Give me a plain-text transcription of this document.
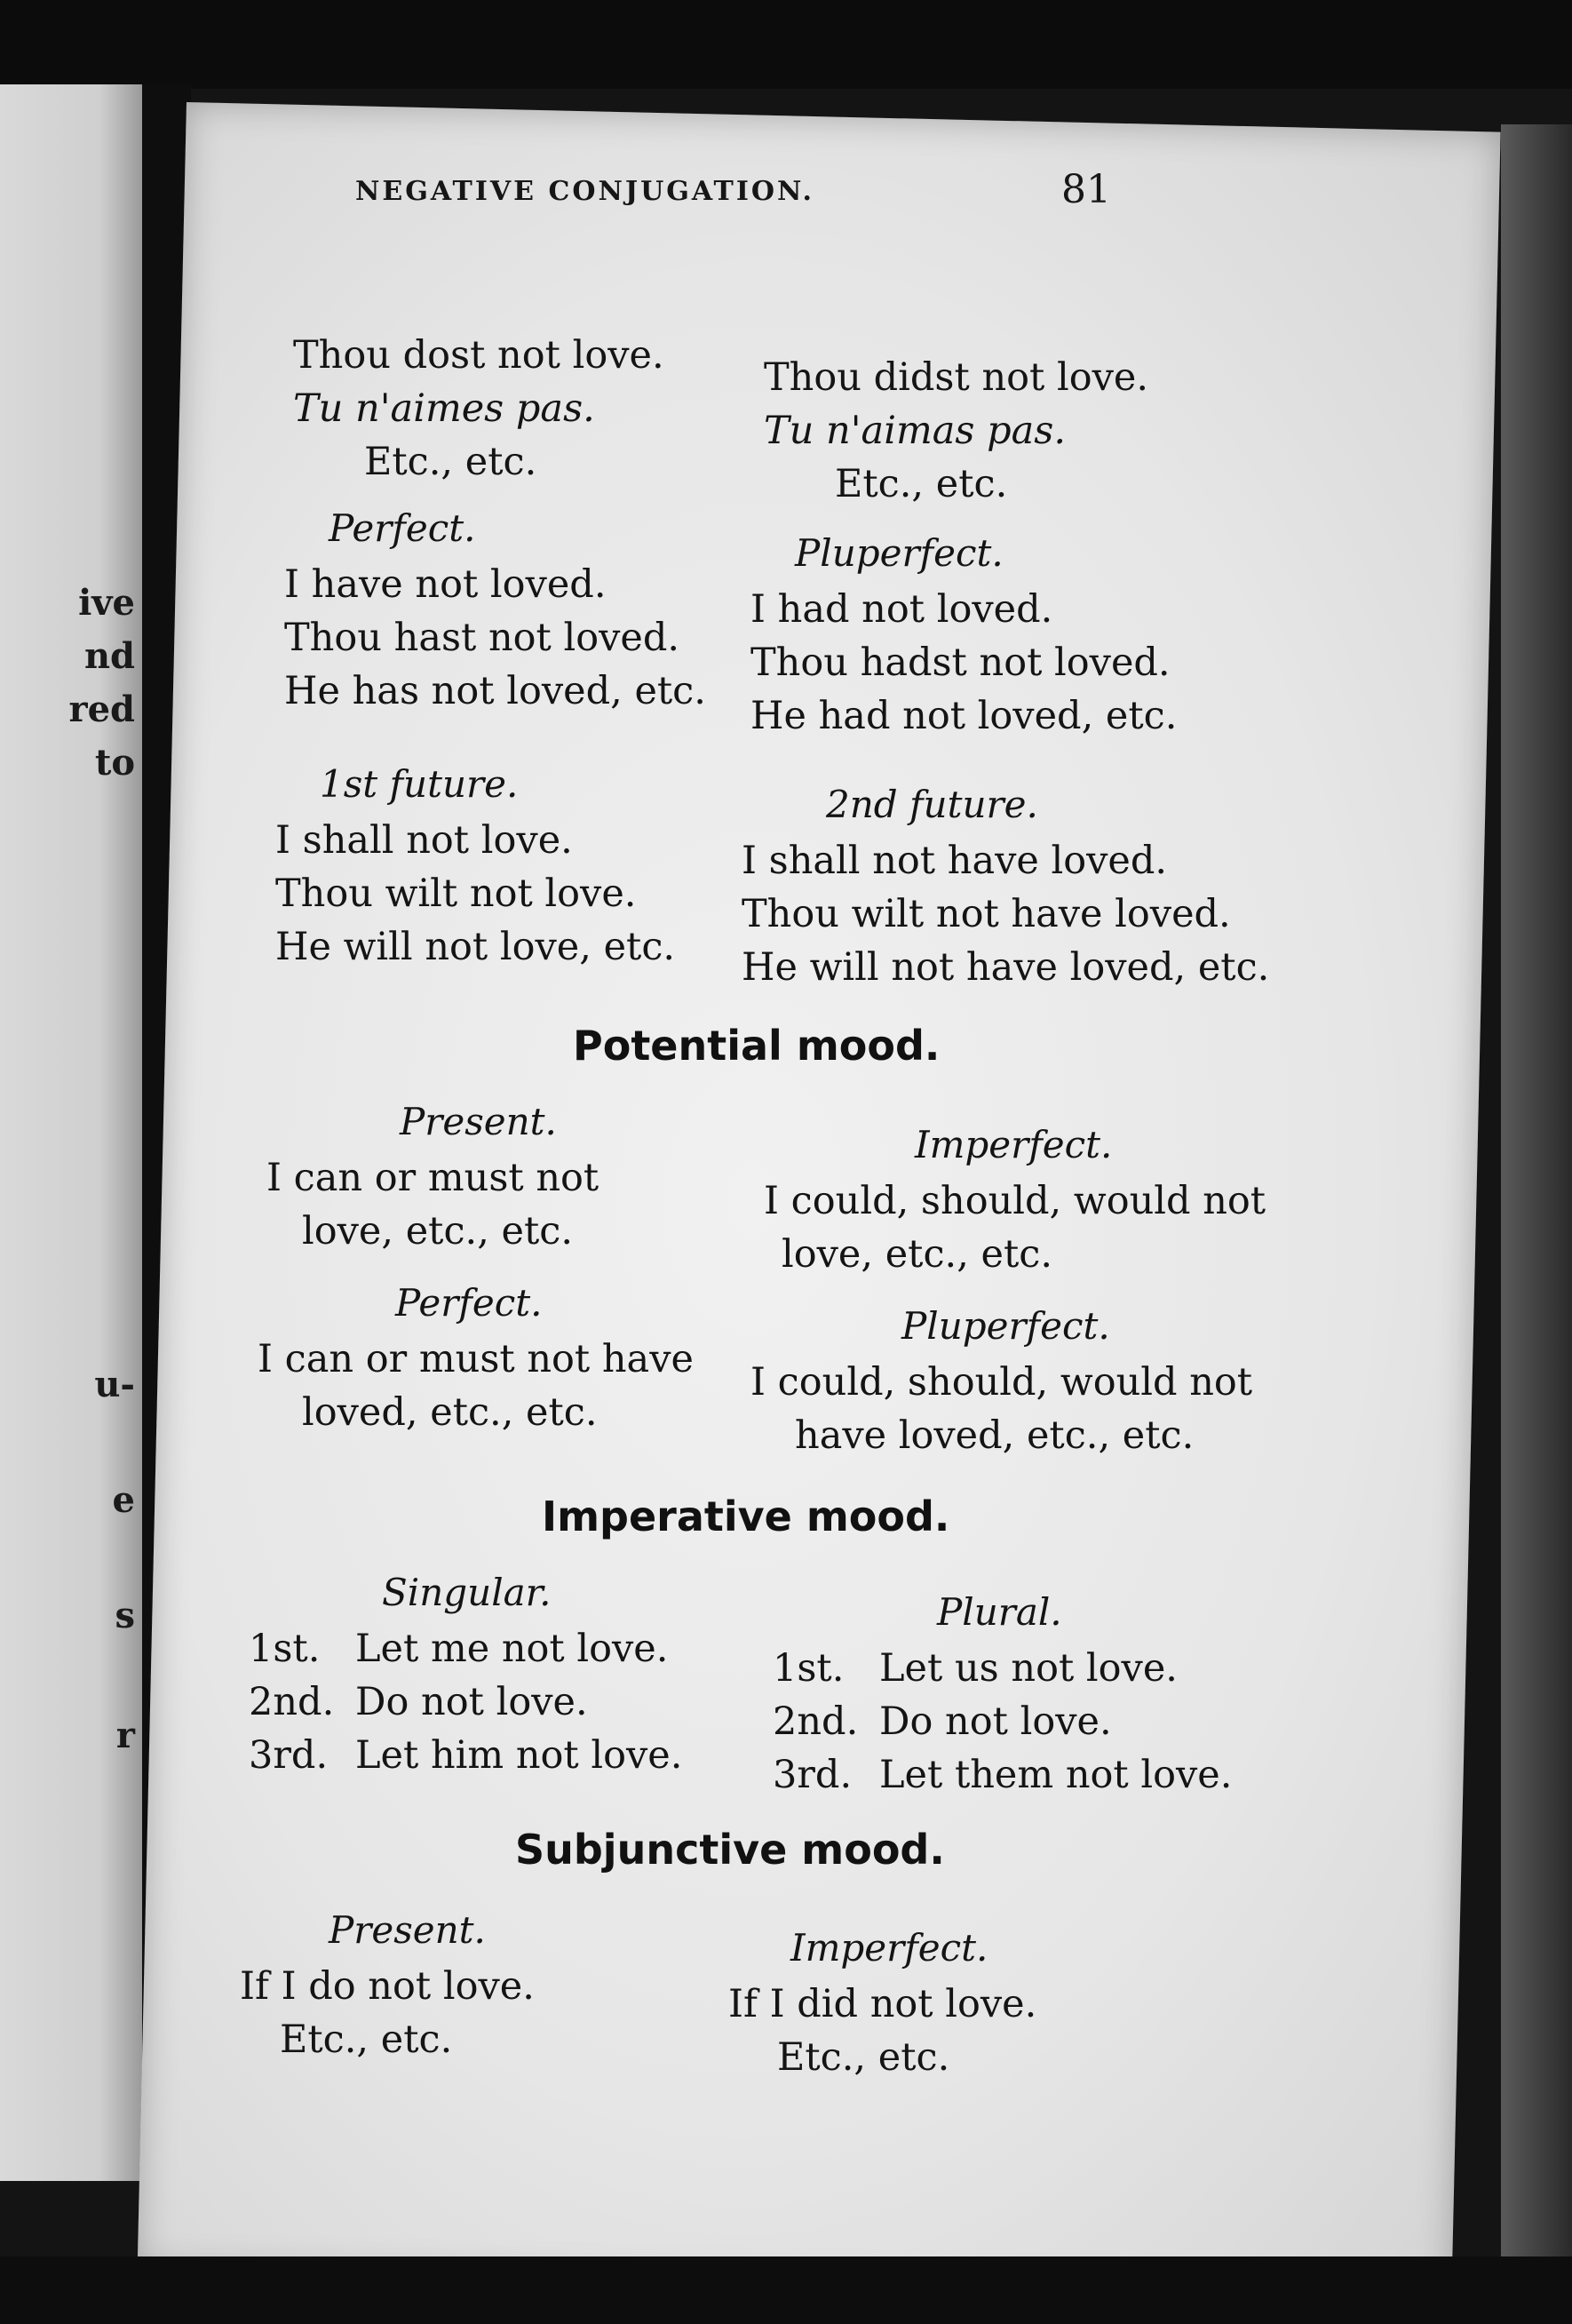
ive
nd
red
to
u-
e
s
r
NEGATIVE CONJUGATION.	81
Thou dost not love.
Tu n'aimes pas.
Etc., etc.
Thou didst not love.
Tu n'aimas pas.
Etc., etc.
Perfect.
I have not loved.
Thou hast not loved.
He has not loved, etc.
Pluperfect.
I had not loved.
Thou hadst not loved.
He had not loved, etc.
1st future.
I shall not love.
Thou wilt not love.
He will not love, etc.
2nd future.
I shall not have loved.
Thou wilt not have loved.
He will not have loved, etc.
Potential mood.
Present.
I can or must not
love, etc., etc.
Imperfect.
I could, should, would not
love, etc., etc.
Perfect.
I can or must not have
loved, etc., etc.
Pluperfect.
I could, should, would not
have loved, etc., etc.
Imperative mood.
Singular.
1st. Let me not love.
2nd. Do not love.
3rd. Let him not love.
Plural.
1st. Let us not love.
2nd. Do not love.
3rd. Let them not love.
Subjunctive mood.
Present.
If I do not love.
Etc., etc.
Imperfect.
If I did not love.
Etc., etc.
